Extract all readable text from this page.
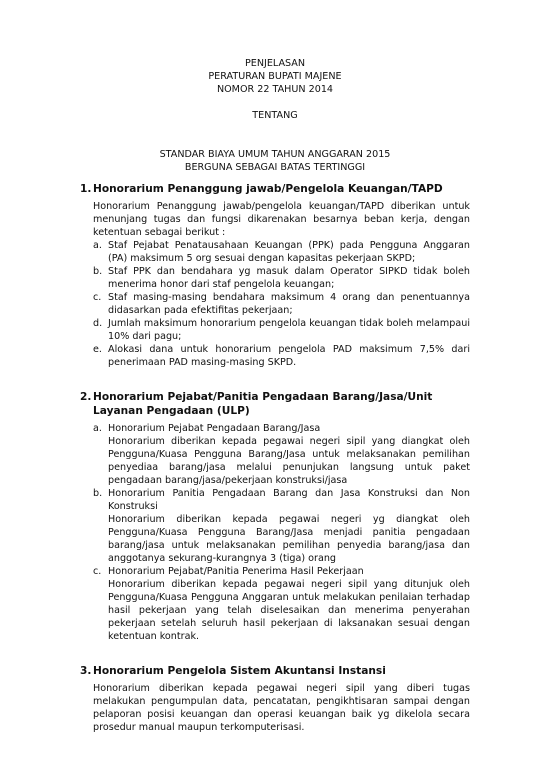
PENJELASAN
PERATURAN BUPATI MAJENE
NOMOR 22 TAHUN 2014
TENTANG
STANDAR BIAYA UMUM TAHUN ANGGARAN 2015
BERGUNA SEBAGAI BATAS TERTINGGI
1. Honorarium Penanggung jawab/Pengelola Keuangan/TAPD
Honorarium Penanggung jawab/pengelola keuangan/TAPD diberikan untuk menunjang tugas dan fungsi dikarenakan besarnya beban kerja, dengan ketentuan sebagai berikut :
a. Staf Pejabat Penatausahaan Keuangan (PPK) pada Pengguna Anggaran (PA) maksimum 5 org sesuai dengan kapasitas pekerjaan SKPD;
b. Staf PPK dan bendahara yg masuk dalam Operator SIPKD tidak boleh menerima honor dari staf pengelola keuangan;
c. Staf masing-masing bendahara maksimum 4 orang dan penentuannya didasarkan pada efektifitas pekerjaan;
d. Jumlah maksimum honorarium pengelola keuangan tidak boleh melampaui 10% dari pagu;
e. Alokasi dana untuk honorarium pengelola PAD maksimum 7,5% dari penerimaan PAD masing-masing SKPD.
2. Honorarium Pejabat/Panitia Pengadaan Barang/Jasa/Unit Layanan Pengadaan (ULP)
a. Honorarium Pejabat Pengadaan Barang/Jasa
Honorarium diberikan kepada pegawai negeri sipil yang diangkat oleh Pengguna/Kuasa Pengguna Barang/Jasa untuk melaksanakan pemilihan penyediaa barang/jasa melalui penunjukan langsung untuk paket pengadaan barang/jasa/pekerjaan konstruksi/jasa
b. Honorarium Panitia Pengadaan Barang dan Jasa Konstruksi dan Non Konstruksi
Honorarium diberikan kepada pegawai negeri yg diangkat oleh Pengguna/Kuasa Pengguna Barang/Jasa menjadi panitia pengadaan barang/jasa untuk melaksanakan pemilihan penyedia barang/jasa dan anggotanya sekurang-kurangnya 3 (tiga) orang
c. Honorarium Pejabat/Panitia Penerima Hasil Pekerjaan
Honorarium diberikan kepada pegawai negeri sipil yang ditunjuk oleh Pengguna/Kuasa Pengguna Anggaran untuk melakukan penilaian terhadap hasil pekerjaan yang telah diselesaikan dan menerima penyerahan pekerjaan setelah seluruh hasil pekerjaan di laksanakan sesuai dengan ketentuan kontrak.
3. Honorarium Pengelola Sistem Akuntansi Instansi
Honorarium diberikan kepada pegawai negeri sipil yang diberi tugas melakukan pengumpulan data, pencatatan, pengikhtisaran sampai dengan pelaporan posisi keuangan dan operasi keuangan baik yg dikelola secara prosedur manual maupun terkomputerisasi.
